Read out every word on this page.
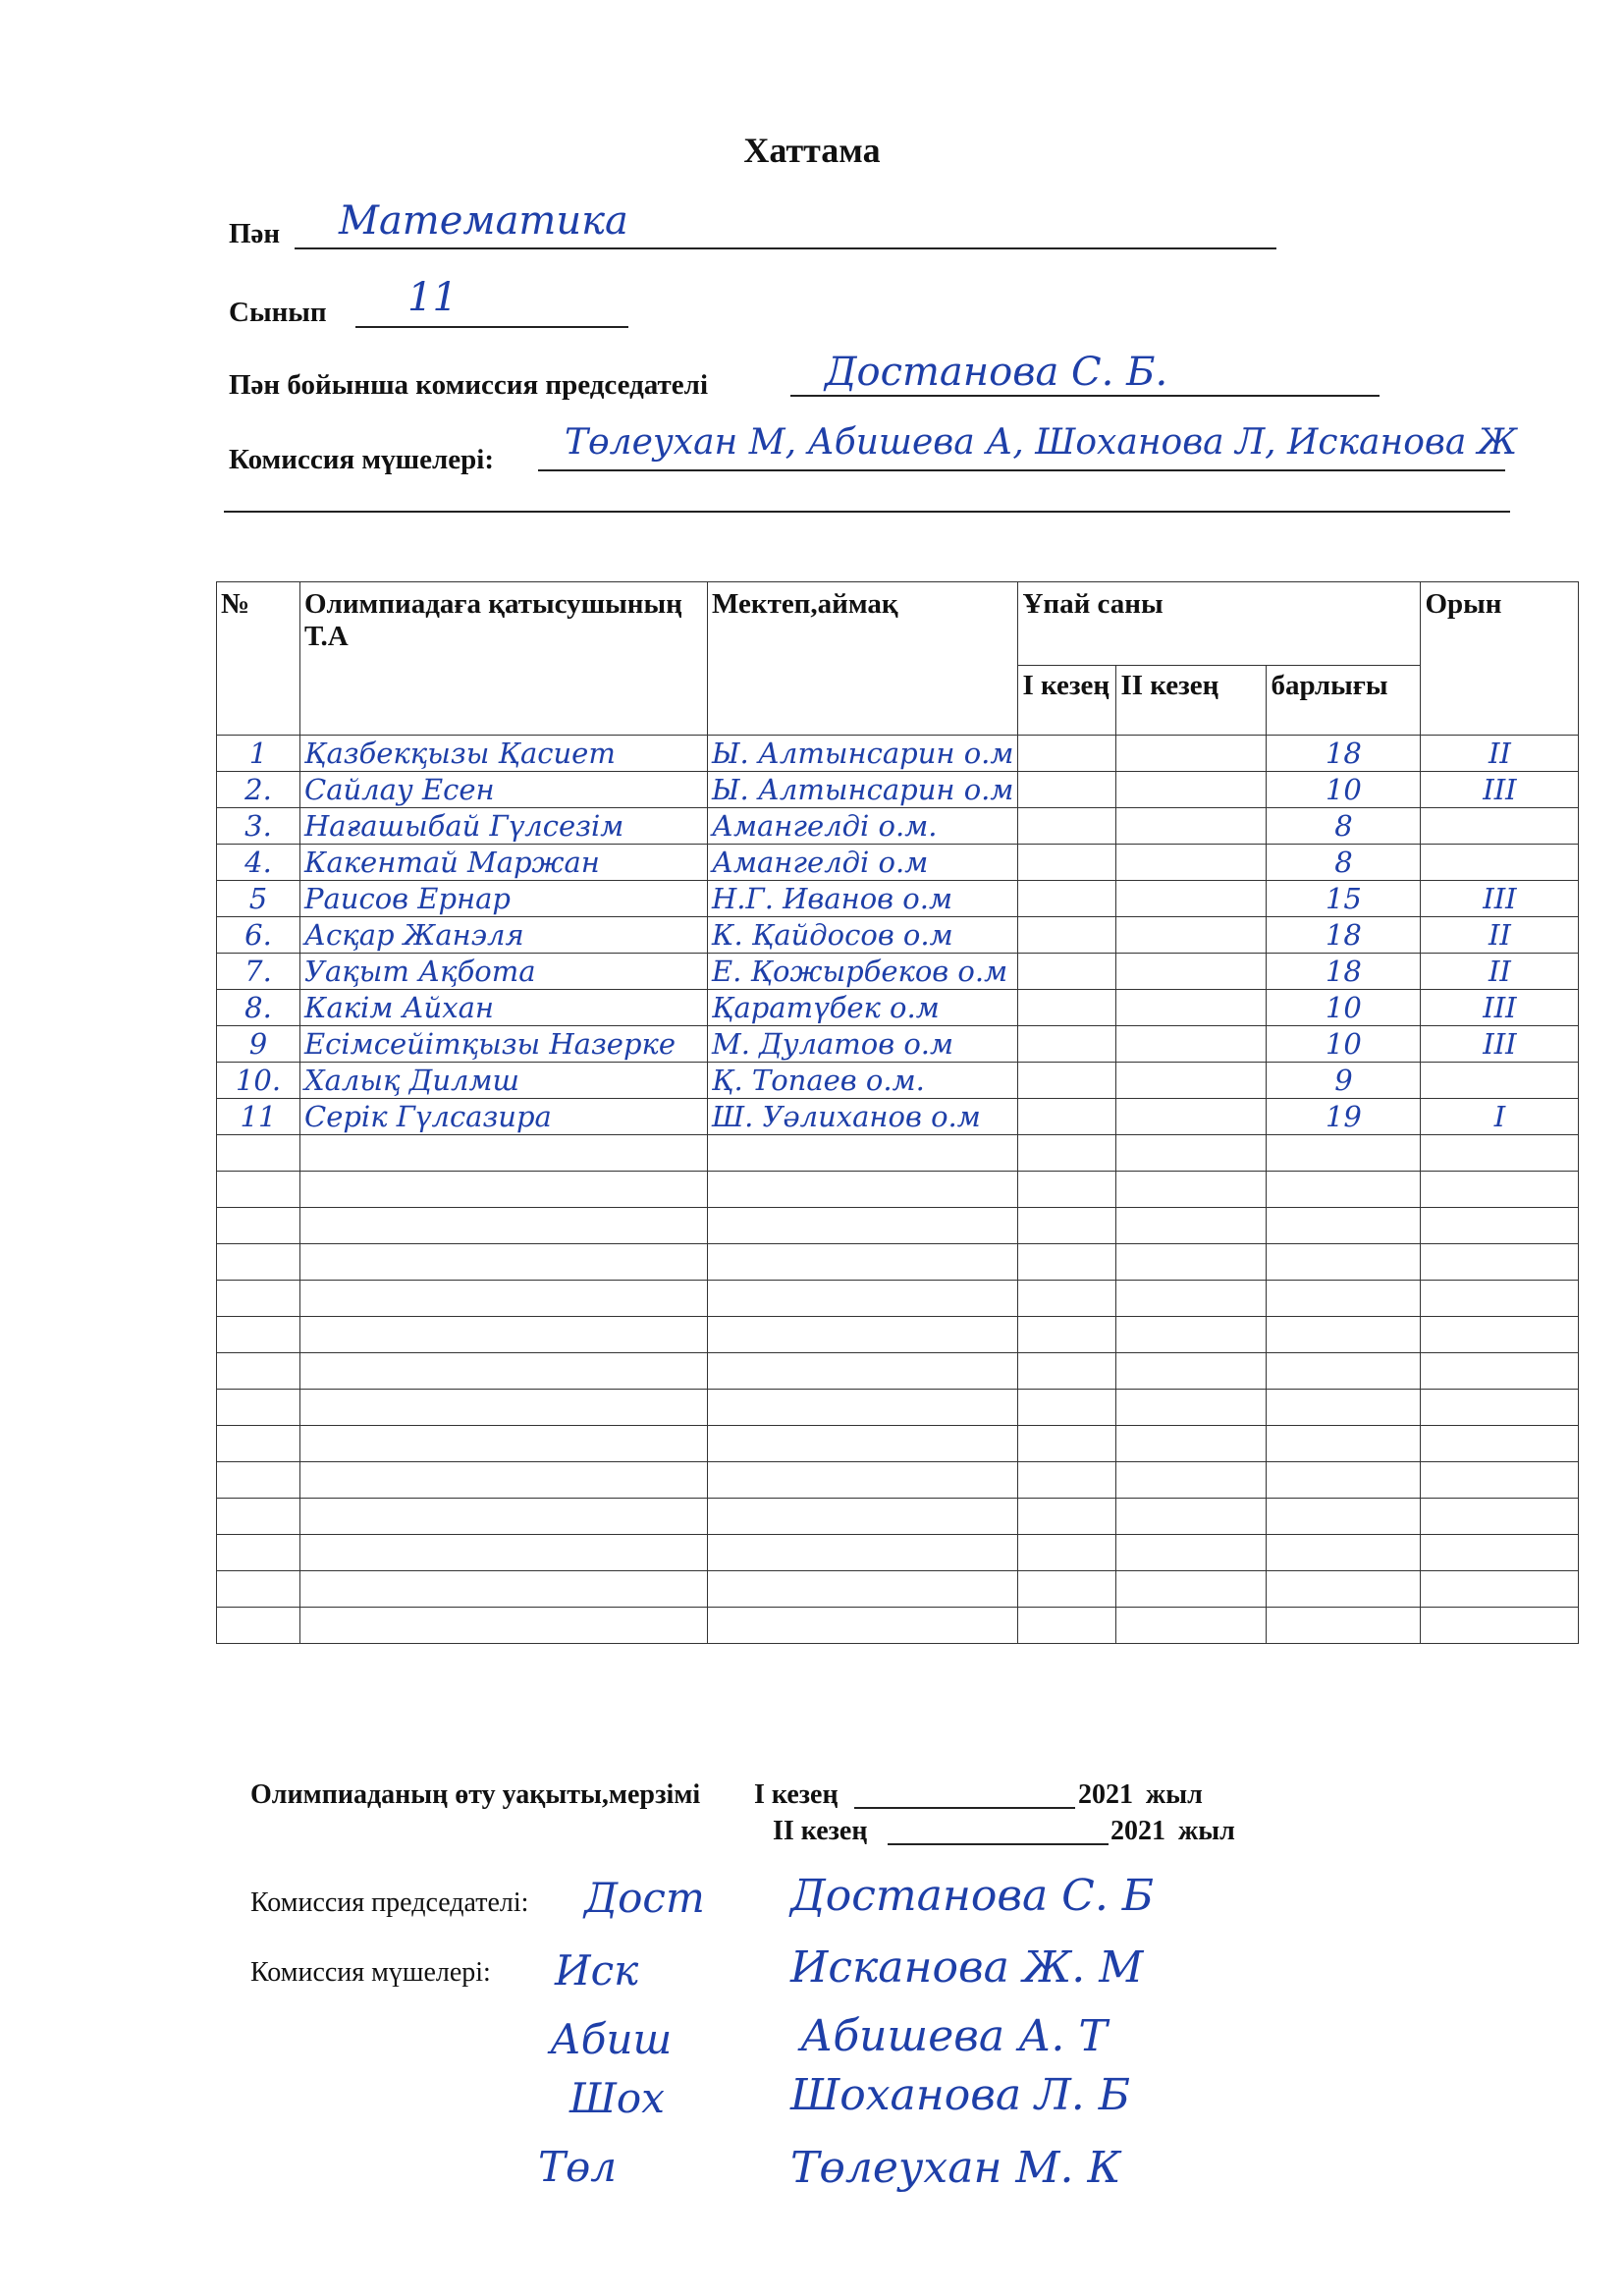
Хаттама
Пән Математика
Сынып 11
Пән бойынша комиссия председателі	Достанова С. Б.
Комиссия мүшелері: Төлеухан М, Абишева А, Шоханова Л, Исканова Ж
№	Олимпиадаға қатысушының Т.А	Мектеп,аймақ	Ұпай саны			Орын
			I кезең	II кезең	барлығы	
1	Қазбекқызы Қасиет	Ы. Алтынсарин о.м			18	II
2.	Сайлау Есен	Ы. Алтынсарин о.м			10	III
3.	Нағашыбай Гүлсезім	Амангелді о.м.			8	
4.	Какентай Маржан	Амангелді о.м			8	
5	Раисов Ернар	Н.Г. Иванов о.м			15	III
6.	Асқар Жанэля	К. Қайдосов о.м			18	II
7.	Уақыт Ақбота	Е. Қожырбеков о.м			18	II
8.	Какім Айхан	Қаратүбек о.м			10	III
9	Есімсейітқызы Назерке	М. Дулатов о.м			10	III
10.	Халық Дилмш	Қ. Топаев о.м.			9	
11	Серік Гүлсазира	Ш. Уәлиханов о.м			19	I

Олимпиаданың өту уақыты,мерзімі I кезең	2021 жыл
II кезең	2021 жыл
Комиссия председателі: Дост Достанова С. Б
Комиссия мүшелері: Иск	Исканова Ж. М
Абиш	Абишева А. Т
Шох	Шоханова Л. Б
Төл	Төлеухан М. К
